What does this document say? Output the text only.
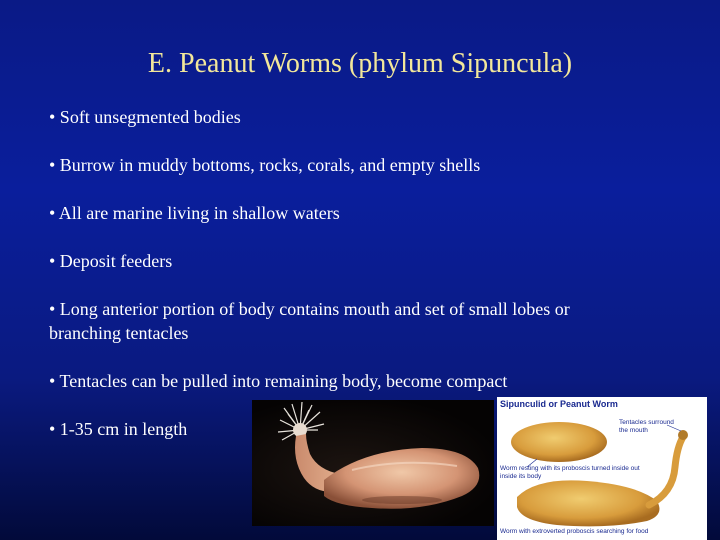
E. Peanut Worms (phylum Sipuncula)

• Soft unsegmented bodies

• Burrow in muddy bottoms, rocks, corals, and empty shells

• All are marine living in shallow waters

• Deposit feeders

• Long anterior portion of body contains mouth and set of small lobes or

branching tentacles

• Tentacles can be pulled into remaining body, become compact

• 1-35 cm in length

Sipunculid or Peanut Worm
Tentacles surround
the mouth
Worm resting with its proboscis turned inside out
inside its body
Worm with extroverted proboscis searching for food
